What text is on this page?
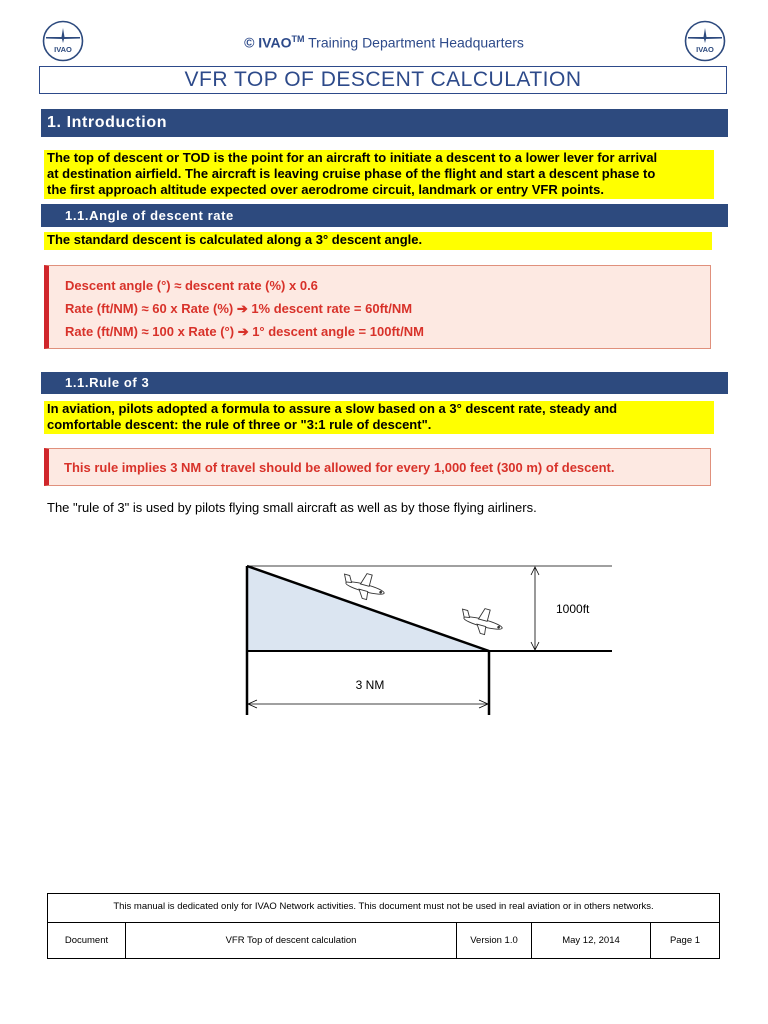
IVAO	IVAO
© IVAO™ Training Department Headquarters
VFR TOP OF DESCENT CALCULATION
1. Introduction

The top of descent or TOD is the point for an aircraft to initiate a descent to a lower lever for arrival

at destination airfield. The aircraft is leaving cruise phase of the flight and start a descent phase to

the first approach altitude expected over aerodrome circuit, landmark or entry VFR points.

1.1.Angle of descent rate
The standard descent is calculated along a 3° descent angle.
Descent angle (°) ≈ descent rate (%) x 0.6
Rate (ft/NM) ≈ 60 x Rate (%) ➔ 1% descent rate = 60ft/NM
Rate (ft/NM) ≈ 100 x Rate (°) ➔ 1° descent angle = 100ft/NM
1.1.Rule of 3

In aviation, pilots adopted a formula to assure a slow based on a 3° descent rate, steady and

comfortable descent: the rule of three or "3:1 rule of descent".

This rule implies 3 NM of travel should be allowed for every 1,000 feet (300 m) of descent.
The "rule of 3" is used by pilots flying small aircraft as well as by those flying airliners.
1000ft
3 NM
This manual is dedicated only for IVAO Network activities. This document must not be used in real aviation or in others networks.
Document	VFR Top of descent calculation	Version 1.0	May 12, 2014	Page 1
